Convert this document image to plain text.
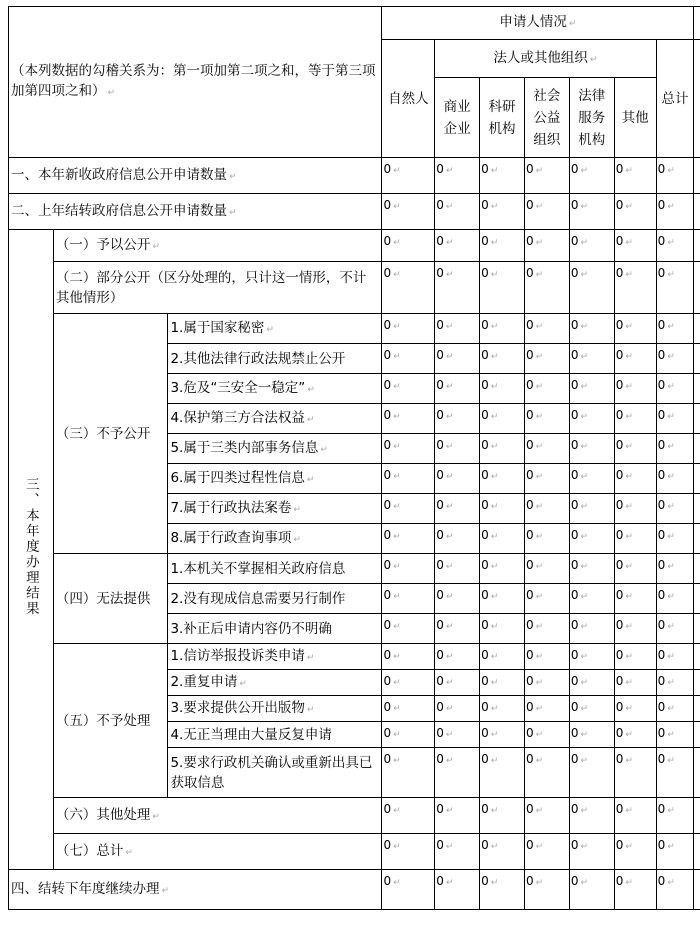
（本列数据的勾稽关系为：第一项加第二项之和，等于第三项加第四项之和） ↵			申请人情况 ↵							
			自然人	法人或其他组织 ↵					总计	
				商业企业	科研机构	社会公益组织	法律服务机构	其他		
一、本年新收政府信息公开申请数量 ↵			0 ↵	0 ↵	0 ↵	0 ↵	0 ↵	0 ↵	0 ↵	
二、上年结转政府信息公开申请数量 ↵			0 ↵	0 ↵	0 ↵	0 ↵	0 ↵	0 ↵	0 ↵	
三、本年度办理结果	（一）予以公开 ↵		0 ↵	0 ↵	0 ↵	0 ↵	0 ↵	0 ↵	0 ↵	
	（二）部分公开（区分处理的，只计这一情形，不计其他情形）		0 ↵	0 ↵	0 ↵	0 ↵	0 ↵	0 ↵	0 ↵	
	（三）不予公开	1.属于国家秘密 ↵	0 ↵	0 ↵	0 ↵	0 ↵	0 ↵	0 ↵	0 ↵	
		2.其他法律行政法规禁止公开	0 ↵	0 ↵	0 ↵	0 ↵	0 ↵	0 ↵	0 ↵	
		3.危及“三安全一稳定” ↵	0 ↵	0 ↵	0 ↵	0 ↵	0 ↵	0 ↵	0 ↵	
		4.保护第三方合法权益 ↵	0 ↵	0 ↵	0 ↵	0 ↵	0 ↵	0 ↵	0 ↵	
		5.属于三类内部事务信息 ↵	0 ↵	0 ↵	0 ↵	0 ↵	0 ↵	0 ↵	0 ↵	
		6.属于四类过程性信息 ↵	0 ↵	0 ↵	0 ↵	0 ↵	0 ↵	0 ↵	0 ↵	
		7.属于行政执法案卷 ↵	0 ↵	0 ↵	0 ↵	0 ↵	0 ↵	0 ↵	0 ↵	
		8.属于行政查询事项 ↵	0 ↵	0 ↵	0 ↵	0 ↵	0 ↵	0 ↵	0 ↵	
	（四）无法提供	1.本机关不掌握相关政府信息	0 ↵	0 ↵	0 ↵	0 ↵	0 ↵	0 ↵	0 ↵	
		2.没有现成信息需要另行制作	0 ↵	0 ↵	0 ↵	0 ↵	0 ↵	0 ↵	0 ↵	
		3.补正后申请内容仍不明确	0 ↵	0 ↵	0 ↵	0 ↵	0 ↵	0 ↵	0 ↵	
	（五）不予处理	1.信访举报投诉类申请 ↵	0 ↵	0 ↵	0 ↵	0 ↵	0 ↵	0 ↵	0 ↵	
		2.重复申请 ↵	0 ↵	0 ↵	0 ↵	0 ↵	0 ↵	0 ↵	0 ↵	
		3.要求提供公开出版物 ↵	0 ↵	0 ↵	0 ↵	0 ↵	0 ↵	0 ↵	0 ↵	
		4.无正当理由大量反复申请	0 ↵	0 ↵	0 ↵	0 ↵	0 ↵	0 ↵	0 ↵	
		5.要求行政机关确认或重新出具已获取信息	0 ↵	0 ↵	0 ↵	0 ↵	0 ↵	0 ↵	0 ↵	
	（六）其他处理 ↵		0 ↵	0 ↵	0 ↵	0 ↵	0 ↵	0 ↵	0 ↵	
	（七）总计 ↵		0 ↵	0 ↵	0 ↵	0 ↵	0 ↵	0 ↵	0 ↵	
四、结转下年度继续办理 ↵			0 ↵	0 ↵	0 ↵	0 ↵	0 ↵	0 ↵	0 ↵	
